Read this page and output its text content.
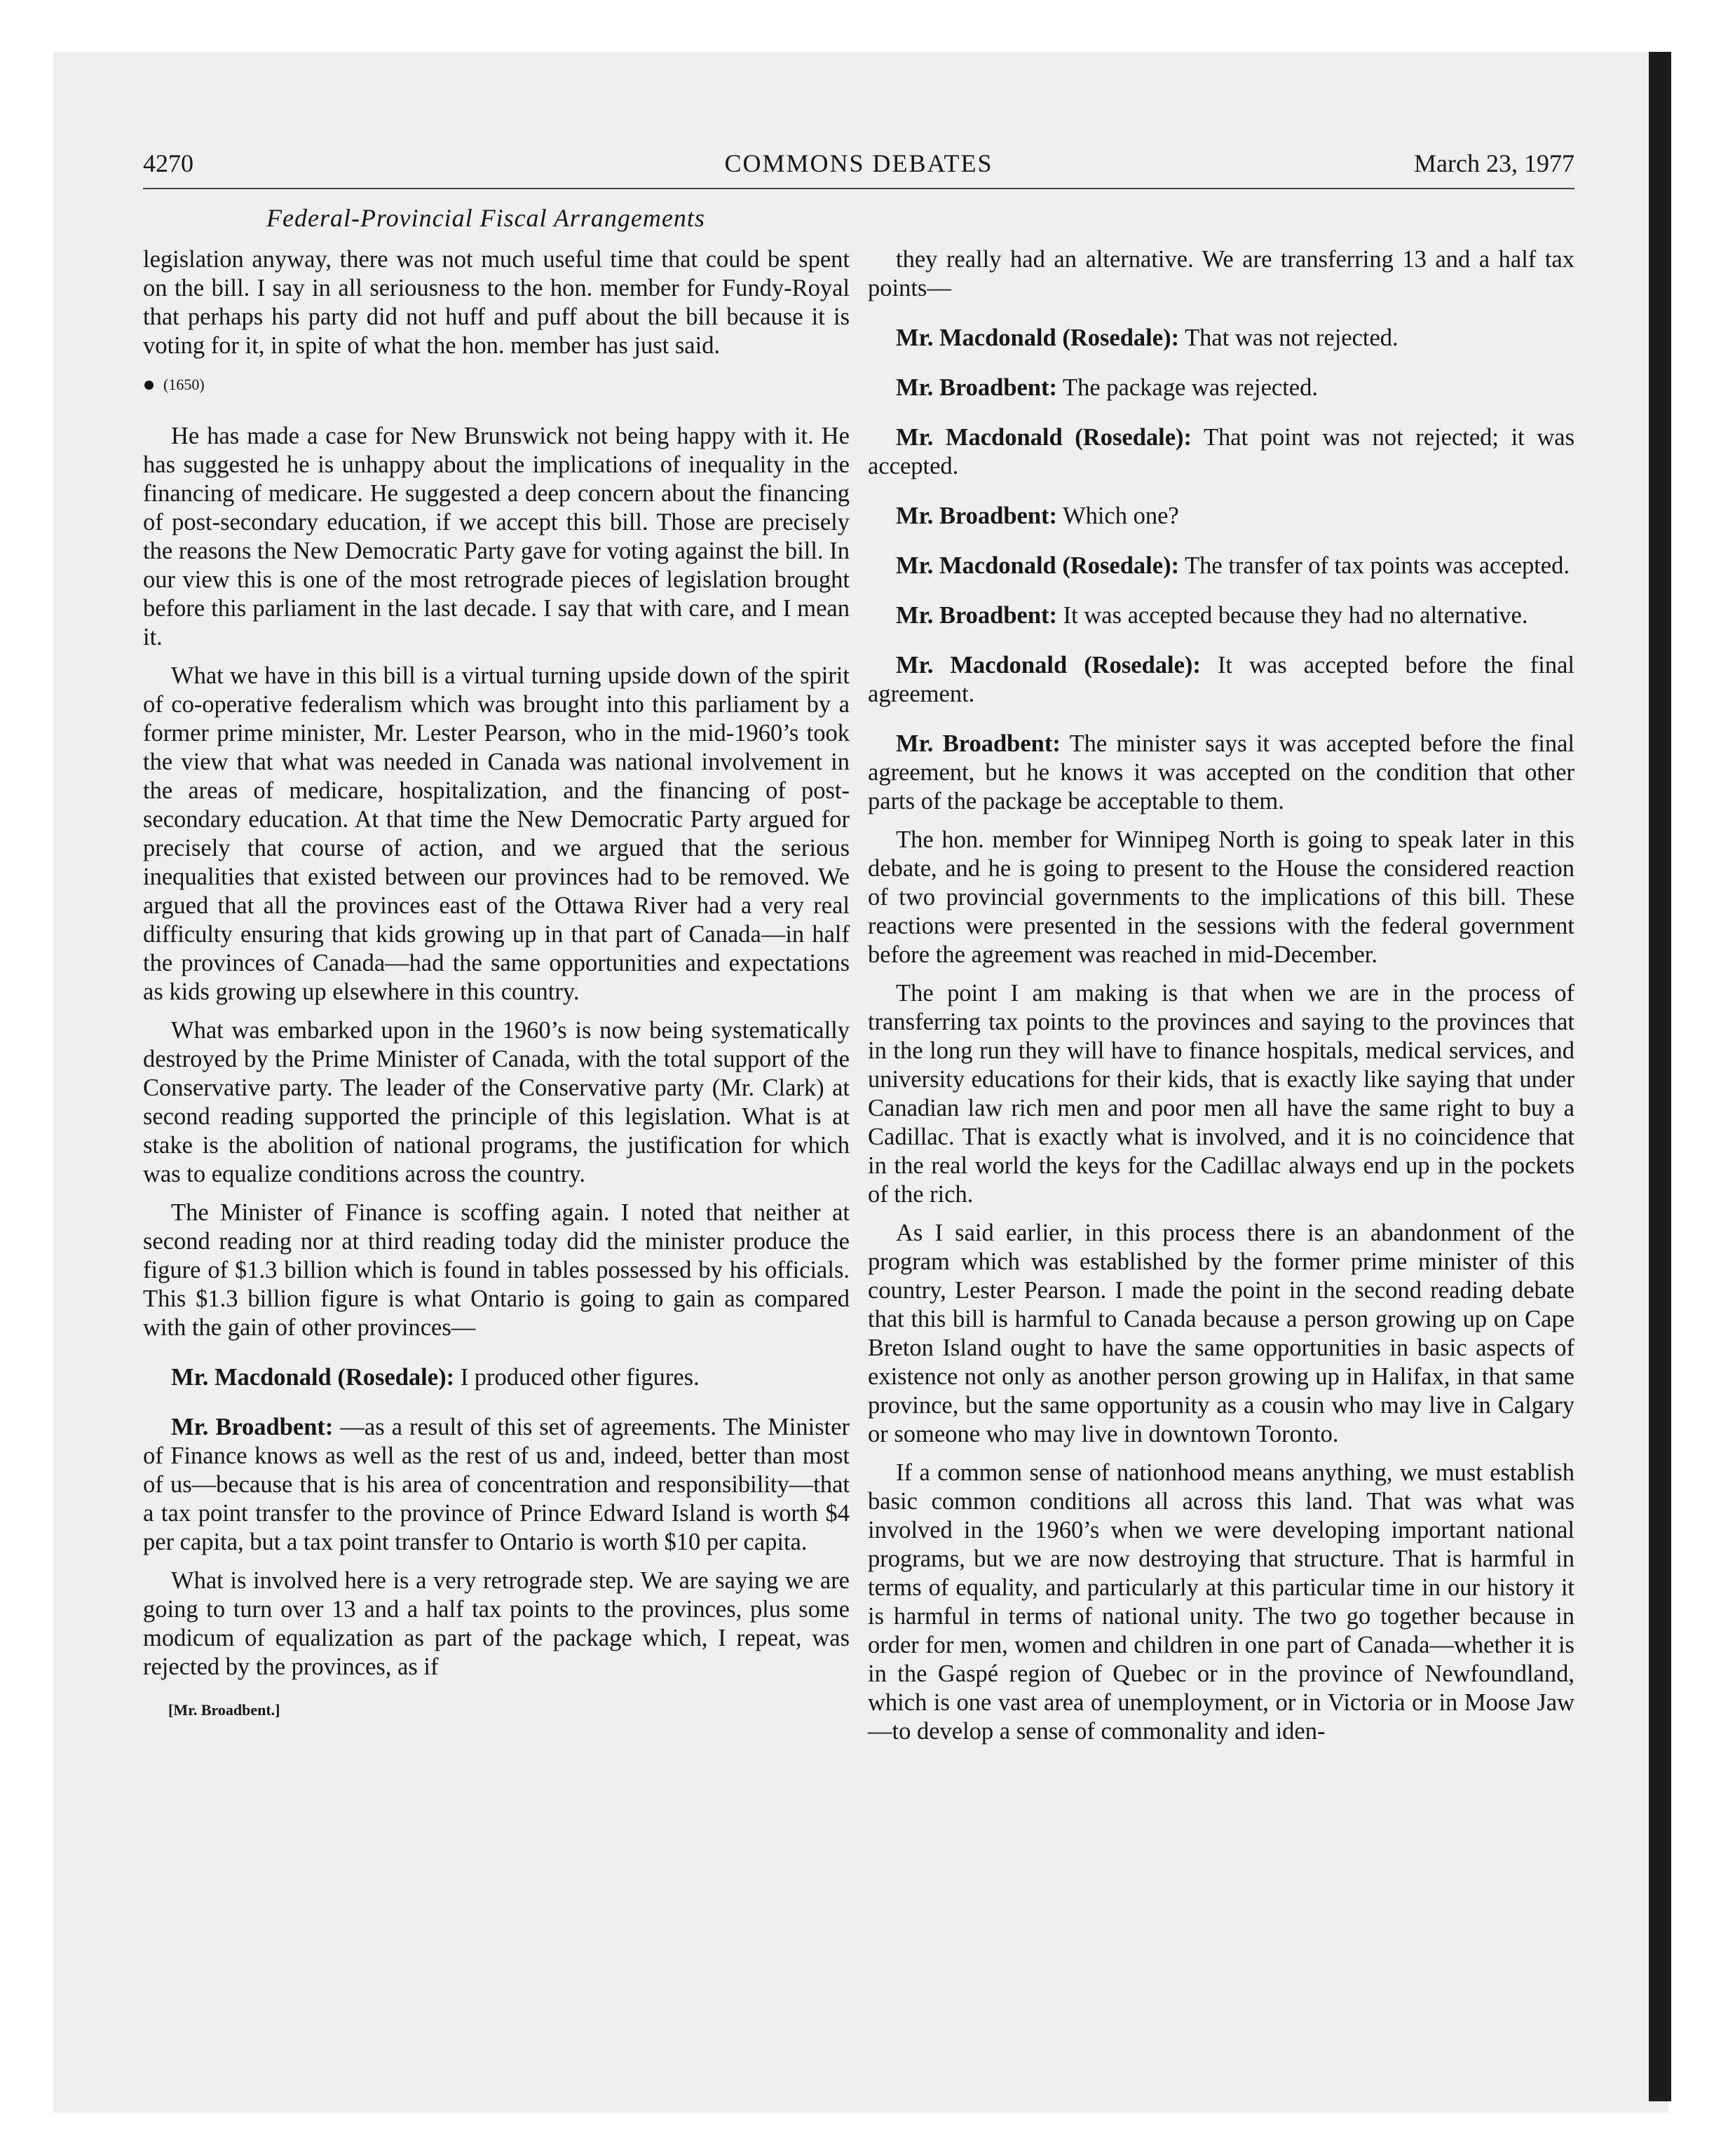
4270	COMMONS DEBATES	March 23, 1977
Federal-Provincial Fiscal Arrangements

legislation anyway, there was not much useful time that could be spent on the bill. I say in all seriousness to the hon. member for Fundy-Royal that perhaps his party did not huff and puff about the bill because it is voting for it, in spite of what the hon. member has just said.

(1650)

He has made a case for New Brunswick not being happy with it. He has suggested he is unhappy about the implications of inequality in the financing of medicare. He suggested a deep concern about the financing of post-secondary education, if we accept this bill. Those are precisely the reasons the New Democratic Party gave for voting against the bill. In our view this is one of the most retrograde pieces of legislation brought before this parliament in the last decade. I say that with care, and I mean it.

What we have in this bill is a virtual turning upside down of the spirit of co-operative federalism which was brought into this parliament by a former prime minister, Mr. Lester Pearson, who in the mid-1960’s took the view that what was needed in Canada was national involvement in the areas of medicare, hospitalization, and the financing of post-secondary education. At that time the New Democratic Party argued for precisely that course of action, and we argued that the serious inequalities that existed between our provinces had to be removed. We argued that all the provinces east of the Ottawa River had a very real difficulty ensuring that kids growing up in that part of Canada—in half the provinces of Canada—had the same opportunities and expectations as kids growing up elsewhere in this country.

What was embarked upon in the 1960’s is now being systematically destroyed by the Prime Minister of Canada, with the total support of the Conservative party. The leader of the Conservative party (Mr. Clark) at second reading supported the principle of this legislation. What is at stake is the abolition of national programs, the justification for which was to equalize conditions across the country.

The Minister of Finance is scoffing again. I noted that neither at second reading nor at third reading today did the minister produce the figure of $1.3 billion which is found in tables possessed by his officials. This $1.3 billion figure is what Ontario is going to gain as compared with the gain of other provinces—

Mr. Macdonald (Rosedale): I produced other figures.

Mr. Broadbent: —as a result of this set of agreements. The Minister of Finance knows as well as the rest of us and, indeed, better than most of us—because that is his area of concentration and responsibility—that a tax point transfer to the province of Prince Edward Island is worth $4 per capita, but a tax point transfer to Ontario is worth $10 per capita.

What is involved here is a very retrograde step. We are saying we are going to turn over 13 and a half tax points to the provinces, plus some modicum of equalization as part of the package which, I repeat, was rejected by the provinces, as if

[Mr. Broadbent.]

they really had an alternative. We are transferring 13 and a half tax points—

Mr. Macdonald (Rosedale): That was not rejected.

Mr. Broadbent: The package was rejected.

Mr. Macdonald (Rosedale): That point was not rejected; it was accepted.

Mr. Broadbent: Which one?

Mr. Macdonald (Rosedale): The transfer of tax points was accepted.

Mr. Broadbent: It was accepted because they had no alternative.

Mr. Macdonald (Rosedale): It was accepted before the final agreement.

Mr. Broadbent: The minister says it was accepted before the final agreement, but he knows it was accepted on the condition that other parts of the package be acceptable to them.

The hon. member for Winnipeg North is going to speak later in this debate, and he is going to present to the House the considered reaction of two provincial governments to the implications of this bill. These reactions were presented in the sessions with the federal government before the agreement was reached in mid-December.

The point I am making is that when we are in the process of transferring tax points to the provinces and saying to the provinces that in the long run they will have to finance hospitals, medical services, and university educations for their kids, that is exactly like saying that under Canadian law rich men and poor men all have the same right to buy a Cadillac. That is exactly what is involved, and it is no coincidence that in the real world the keys for the Cadillac always end up in the pockets of the rich.

As I said earlier, in this process there is an abandonment of the program which was established by the former prime minister of this country, Lester Pearson. I made the point in the second reading debate that this bill is harmful to Canada because a person growing up on Cape Breton Island ought to have the same opportunities in basic aspects of existence not only as another person growing up in Halifax, in that same province, but the same opportunity as a cousin who may live in Calgary or someone who may live in downtown Toronto.

If a common sense of nationhood means anything, we must establish basic common conditions all across this land. That was what was involved in the 1960’s when we were developing important national programs, but we are now destroying that structure. That is harmful in terms of equality, and particularly at this particular time in our history it is harmful in terms of national unity. The two go together because in order for men, women and children in one part of Canada—whether it is in the Gaspé region of Quebec or in the province of Newfoundland, which is one vast area of unemployment, or in Victoria or in Moose Jaw—to develop a sense of commonality and iden-
